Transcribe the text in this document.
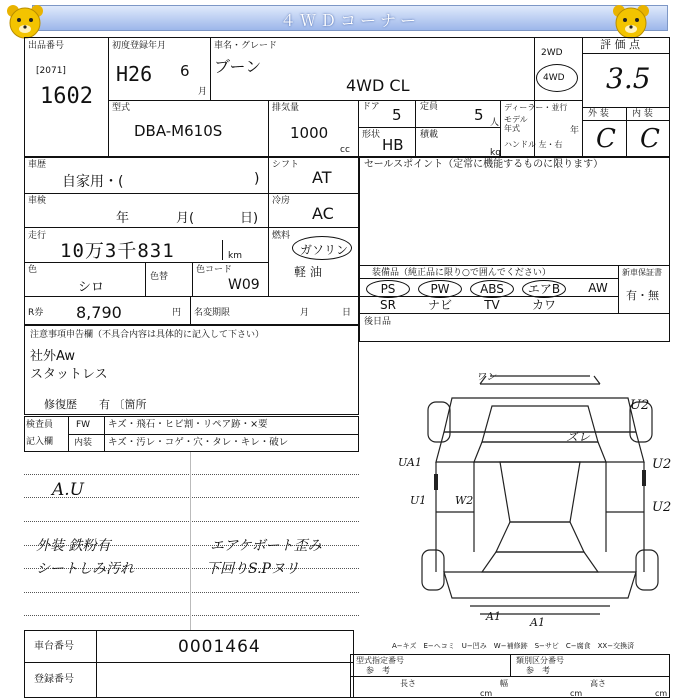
４ＷＤコーナー
出品番号
[2071]
1602
初度登録年月
H26 6
月
車名・グレード
ブーン
4WD CL
2WD
4WD
評 価 点
3.5
外 装	内 装
C C
型式
DBA-M610S
排気量
1000
cc
ドア 5
形状
HB
定員 5 人
積載
kg
ディーラー・並行
モデル
年式	年
ハンドル 左・右
車歴
自家用・(	)
シフト
AT
車検
年	月(	日)
冷房
AC
走行
10万3千831	km
燃料
ガソリン
軽 油
色
シロ
色替
色コード
W09
R券 8,790	円 名変期限	月	日
セールスポイント（定常に機能するものに限ります）
装備品（純正品に限り○で囲んでください）	新車保証書
有・無
PS	PW	ABS	エアB	AW
SR	ナビ	TV	カワ
後日品
注意事項申告欄（不具合内容は具体的に記入して下さい）
社外Aw
スタットレス
修復歴　　有 〔箇所
検査員
記入欄
FW キズ・飛石・ヒビ割・リペア跡・×要
内装 キズ・汚レ・コゲ・穴・タレ・キレ・破レ
A.U
外装 鉄粉有
シートしみ汚れ
エアケボート歪み
下回りS.Pヌリ
ワン
U2
ズレ
UA1	U2
U1	W2	U2
A1	A1
A−キズ　E−ヘコミ　U−凹み　W−補修跡　S−サビ　C−腐食　XX−交換済
車台番号	0001464
登録番号
型式指定番号
参　考
類別区分番号
参　考
長さ	幅	高さ
cm	cm	cm
